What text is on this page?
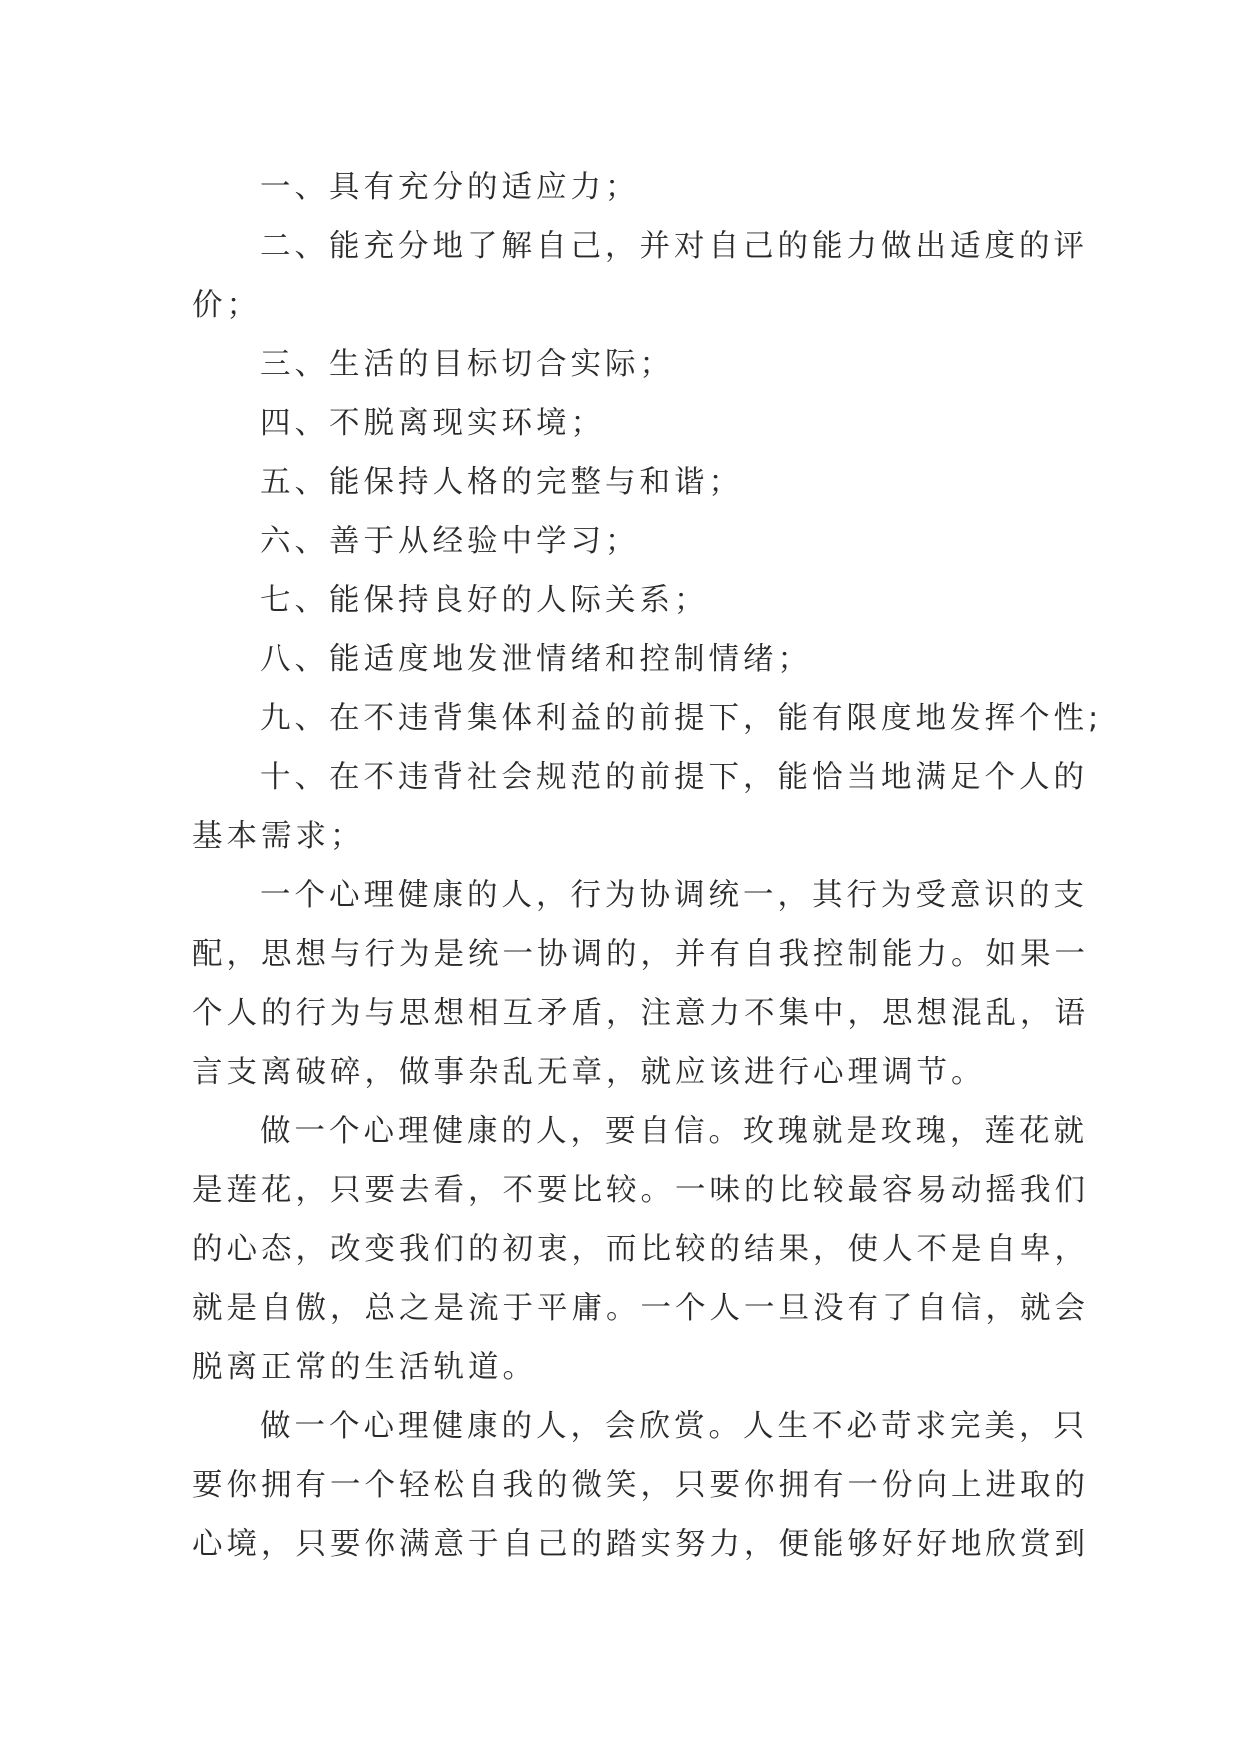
一、具有充分的适应力；

二、能充分地了解自己，并对自己的能力做出适度的评
价；

三、生活的目标切合实际；

四、不脱离现实环境；

五、能保持人格的完整与和谐；

六、善于从经验中学习；

七、能保持良好的人际关系；

八、能适度地发泄情绪和控制情绪；

九、在不违背集体利益的前提下，能有限度地发挥个性;

十、在不违背社会规范的前提下，能恰当地满足个人的
基本需求；

一个心理健康的人，行为协调统一，其行为受意识的支
配，思想与行为是统一协调的，并有自我控制能力。如果一
个人的行为与思想相互矛盾，注意力不集中，思想混乱，语
言支离破碎，做事杂乱无章，就应该进行心理调节。

做一个心理健康的人，要自信。玫瑰就是玫瑰，莲花就
是莲花，只要去看，不要比较。一味的比较最容易动摇我们
的心态，改变我们的初衷，而比较的结果，使人不是自卑，
就是自傲，总之是流于平庸。一个人一旦没有了自信，就会
脱离正常的生活轨道。

做一个心理健康的人，会欣赏。人生不必苛求完美，只
要你拥有一个轻松自我的微笑，只要你拥有一份向上进取的
心境，只要你满意于自己的踏实努力，便能够好好地欣赏到
